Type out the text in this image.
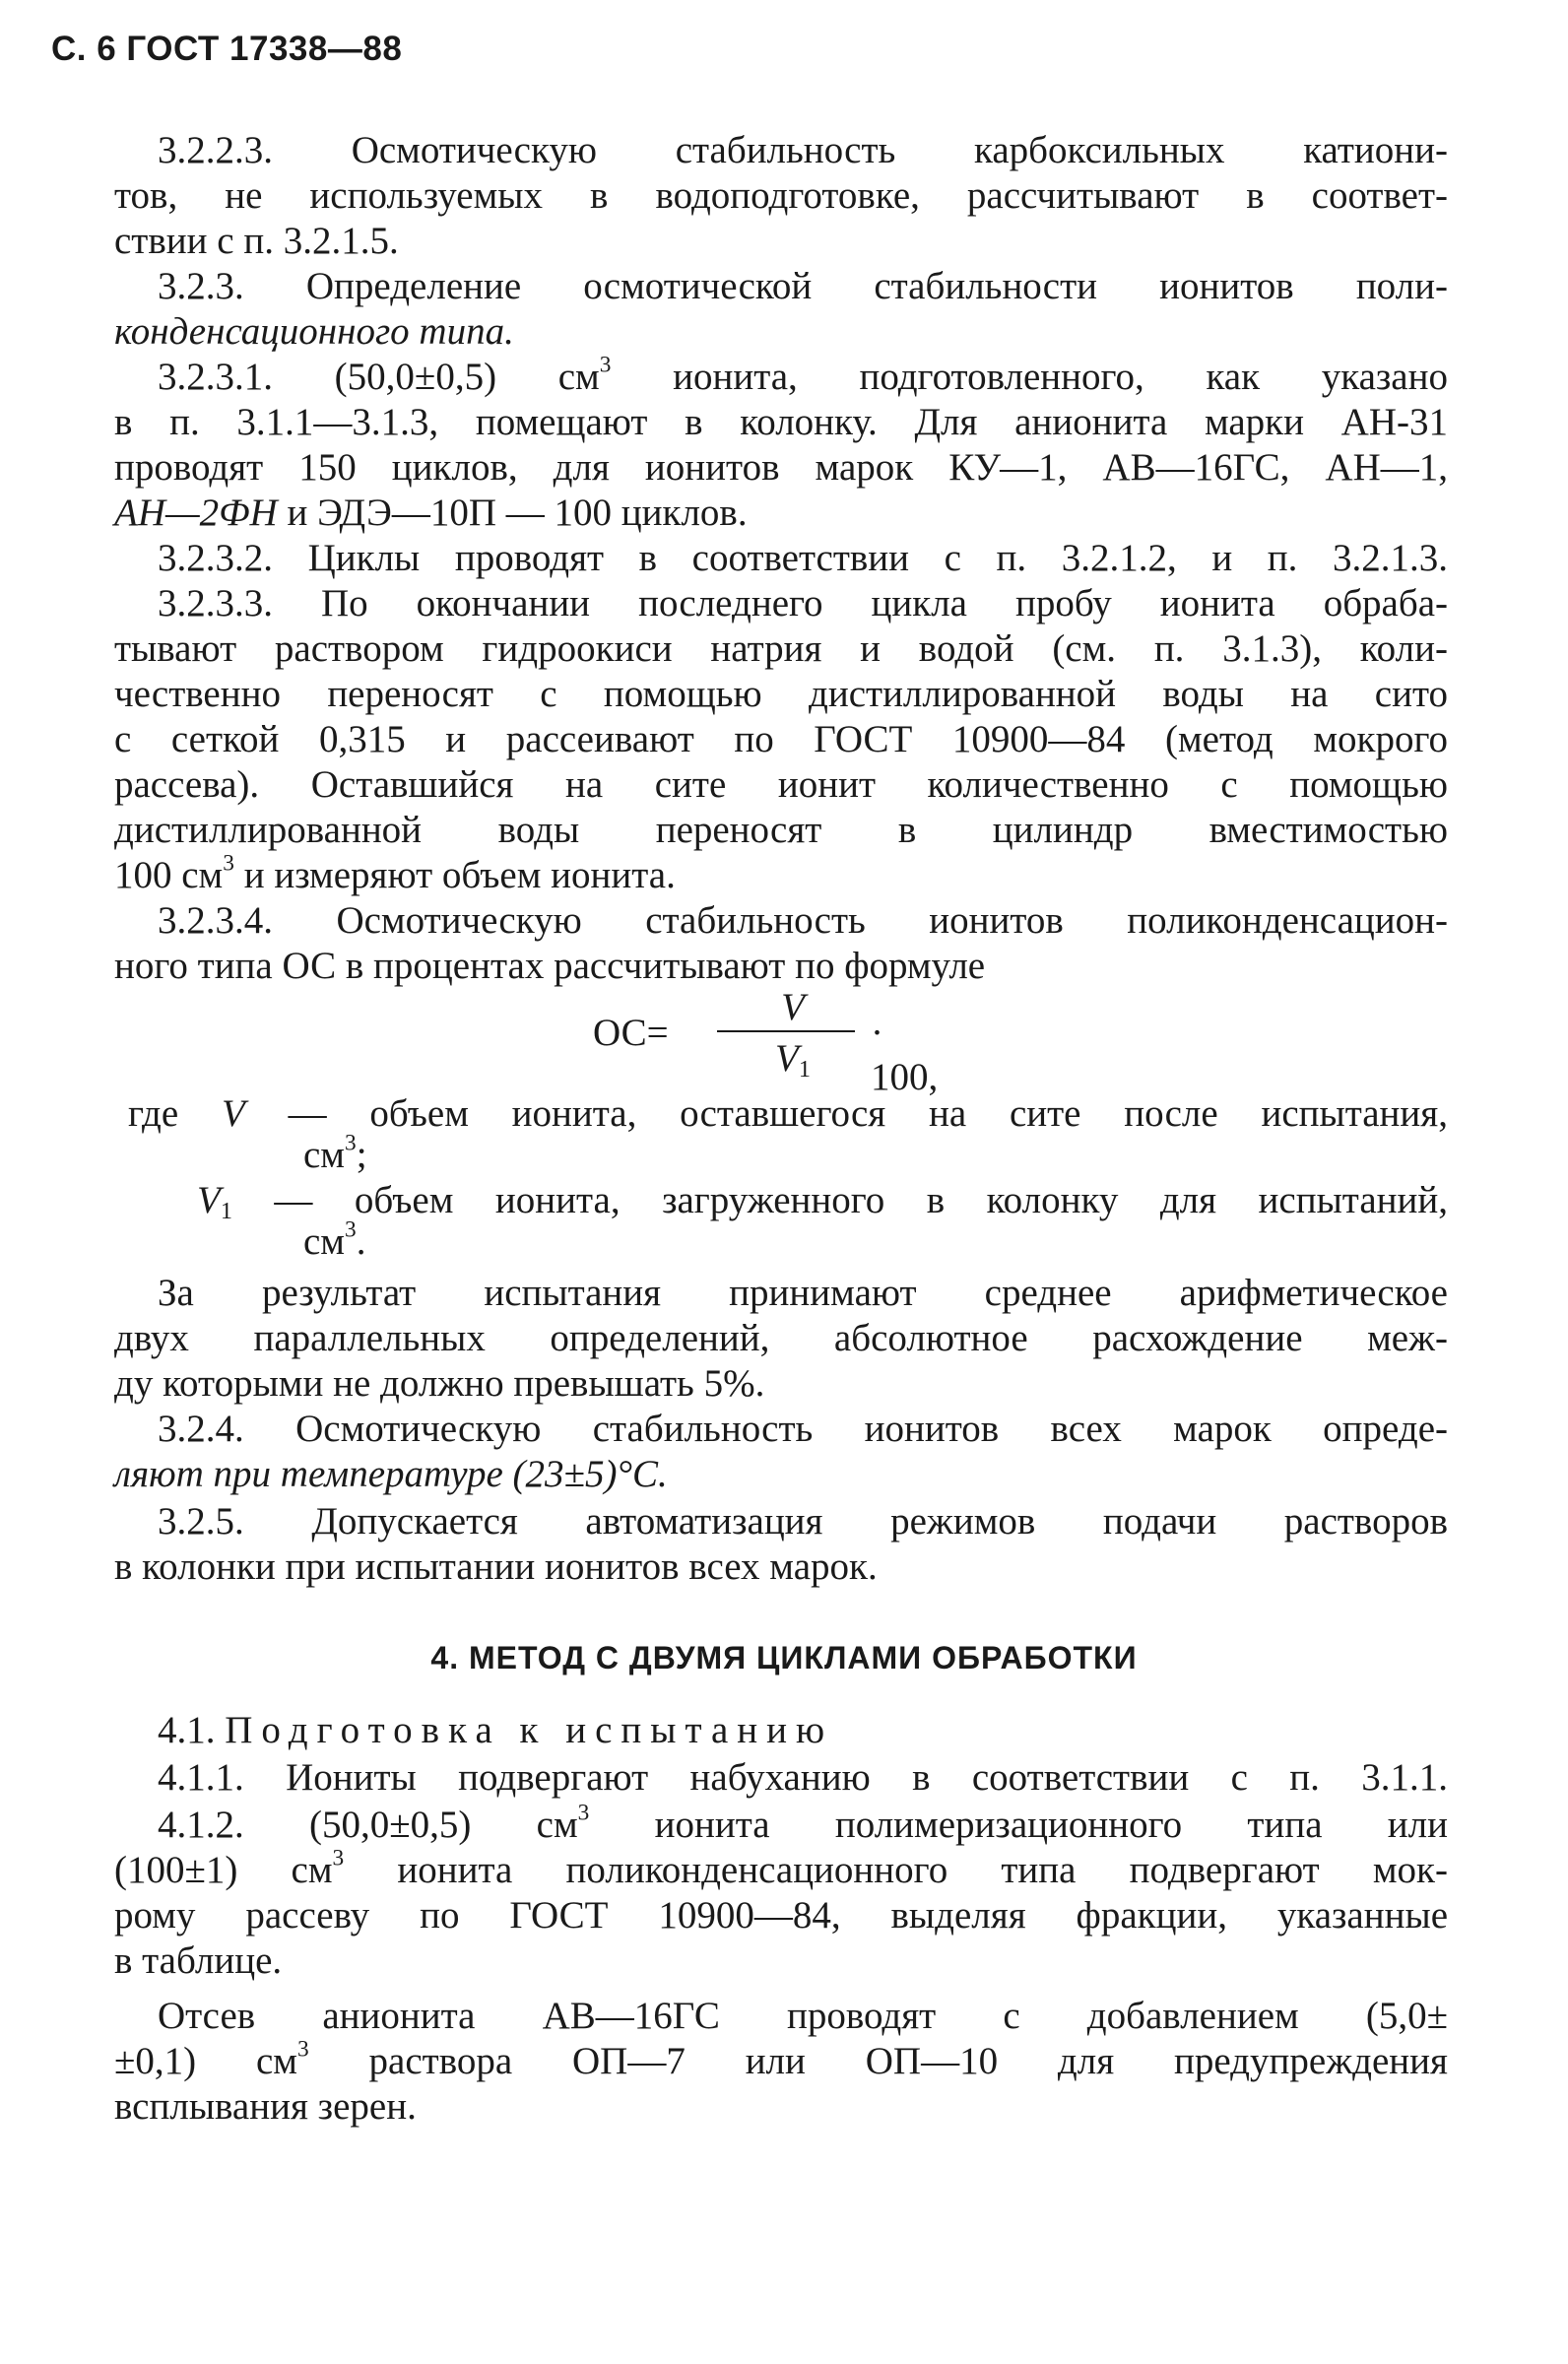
С. 6 ГОСТ 17338—88
3.2.2.3. Осмотическую стабильность карбоксильных катиони-
тов, не используемых в водоподготовке, рассчитывают в соответ-
ствии с п. 3.2.1.5.
3.2.3. Определение осмотической стабильности ионитов поли-
конденсационного типа.
3.2.3.1. (50,0±0,5) $см^3$ ионита, подготовленного, как указано
в п. 3.1.1—3.1.3, помещают в колонку. Для анионита марки АН-31
проводят 150 циклов, для ионитов марок КУ—1, АВ—16ГС, АН—1,
АН—2ФН и ЭДЭ—10П — 100 циклов.
3.2.3.2. Циклы проводят в соответствии с п. 3.2.1.2, и п. 3.2.1.3.
3.2.3.3. По окончании последнего цикла пробу ионита обраба-
тывают раствором гидроокиси натрия и водой (см. п. 3.1.3), коли-
чественно переносят с помощью дистиллированной воды на сито
с сеткой 0,315 и рассеивают по ГОСТ 10900—84 (метод мокрого
рассева). Оставшийся на сите ионит количественно с помощью
дистиллированной воды переносят в цилиндр вместимостью
100 $см^3$ и измеряют объем ионита.
3.2.3.4. Осмотическую стабильность ионитов поликонденсацион-
ного типа ОС в процентах рассчитывают по формуле
ОС=
V
$V_1$
· 100,
где V — объем ионита, оставшегося на сите после испытания,
$см^3$;
$V_1$ — объем ионита, загруженного в колонку для испытаний,
$см^3$.
За результат испытания принимают среднее арифметическое
двух параллельных определений, абсолютное расхождение меж-
ду которыми не должно превышать 5%.
3.2.4. Осмотическую стабильность ионитов всех марок опреде-
ляют при температуре (23±5)°С.
3.2.5. Допускается автоматизация режимов подачи растворов
в колонки при испытании ионитов всех марок.
4. МЕТОД С ДВУМЯ ЦИКЛАМИ ОБРАБОТКИ
4.1. Подготовка к испытанию
4.1.1. Иониты подвергают набуханию в соответствии с п. 3.1.1.
4.1.2. (50,0±0,5) $см^3$ ионита полимеризационного типа или
(100±1) $см^3$ ионита поликонденсационного типа подвергают мок-
рому рассеву по ГОСТ 10900—84, выделяя фракции, указанные
в таблице.
Отсев анионита АВ—16ГС проводят с добавлением (5,0±
±0,1) $см^3$ раствора ОП—7 или ОП—10 для предупреждения
всплывания зерен.
